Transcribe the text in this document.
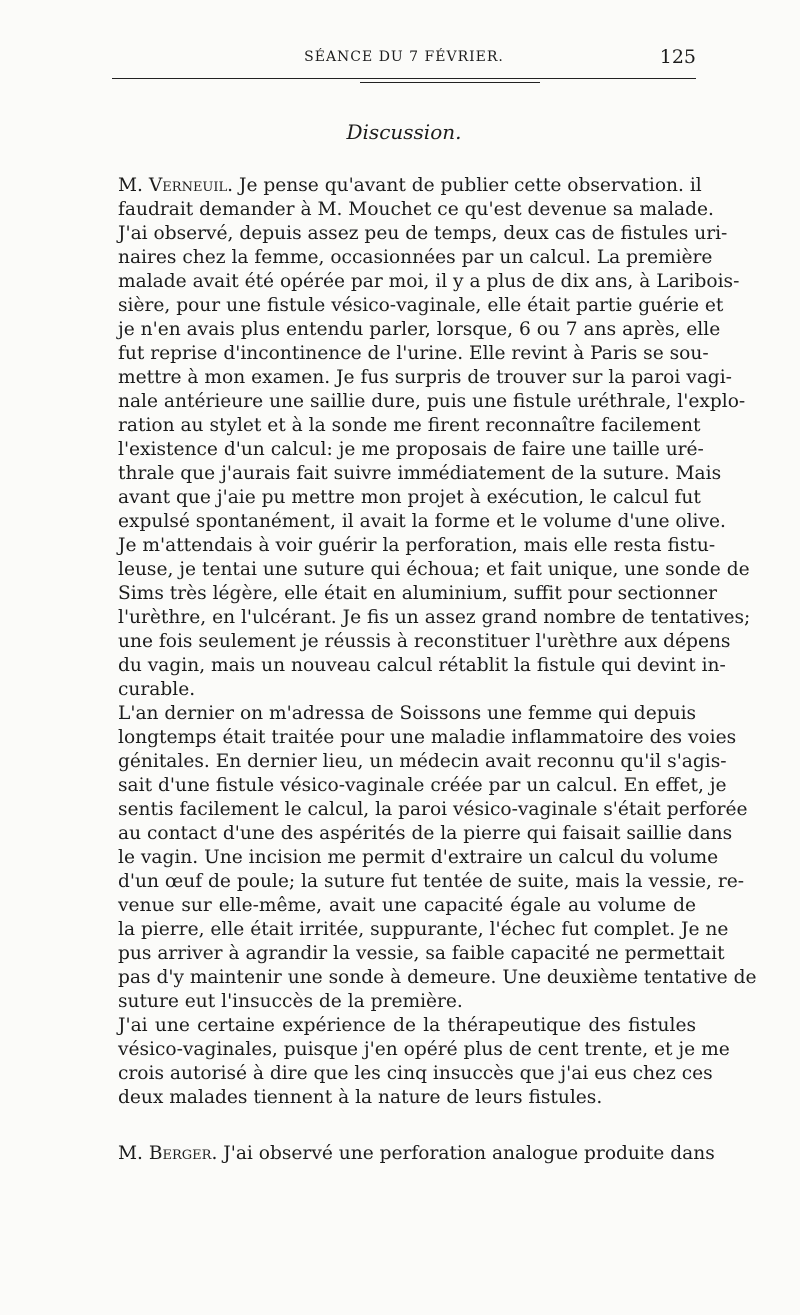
SÉANCE DU 7 FÉVRIER.	125
Discussion.
M. Verneuil. Je pense qu'avant de publier cette observation. il
faudrait demander à M. Mouchet ce qu'est devenue sa malade.
J'ai observé, depuis assez peu de temps, deux cas de fistules uri-
naires chez la femme, occasionnées par un calcul. La première
malade avait été opérée par moi, il y a plus de dix ans, à Laribois-
sière, pour une fistule vésico-vaginale, elle était partie guérie et
je n'en avais plus entendu parler, lorsque, 6 ou 7 ans après, elle
fut reprise d'incontinence de l'urine. Elle revint à Paris se sou-
mettre à mon examen. Je fus surpris de trouver sur la paroi vagi-
nale antérieure une saillie dure, puis une fistule uréthrale, l'explo-
ration au stylet et à la sonde me firent reconnaître facilement
l'existence d'un calcul: je me proposais de faire une taille uré-
thrale que j'aurais fait suivre immédiatement de la suture. Mais
avant que j'aie pu mettre mon projet à exécution, le calcul fut
expulsé spontanément, il avait la forme et le volume d'une olive.
Je m'attendais à voir guérir la perforation, mais elle resta fistu-
leuse, je tentai une suture qui échoua; et fait unique, une sonde de
Sims très légère, elle était en aluminium, suffit pour sectionner
l'urèthre, en l'ulcérant. Je fis un assez grand nombre de tentatives;
une fois seulement je réussis à reconstituer l'urèthre aux dépens
du vagin, mais un nouveau calcul rétablit la fistule qui devint in-
curable.
L'an dernier on m'adressa de Soissons une femme qui depuis
longtemps était traitée pour une maladie inflammatoire des voies
génitales. En dernier lieu, un médecin avait reconnu qu'il s'agis-
sait d'une fistule vésico-vaginale créée par un calcul. En effet, je
sentis facilement le calcul, la paroi vésico-vaginale s'était perforée
au contact d'une des aspérités de la pierre qui faisait saillie dans
le vagin. Une incision me permit d'extraire un calcul du volume
d'un œuf de poule; la suture fut tentée de suite, mais la vessie, re-
venue sur elle-même, avait une capacité égale au volume de
la pierre, elle était irritée, suppurante, l'échec fut complet. Je ne
pus arriver à agrandir la vessie, sa faible capacité ne permettait
pas d'y maintenir une sonde à demeure. Une deuxième tentative de
suture eut l'insuccès de la première.
J'ai une certaine expérience de la thérapeutique des fistules
vésico-vaginales, puisque j'en opéré plus de cent trente, et je me
crois autorisé à dire que les cinq insuccès que j'ai eus chez ces
deux malades tiennent à la nature de leurs fistules.
M. Berger. J'ai observé une perforation analogue produite dans
